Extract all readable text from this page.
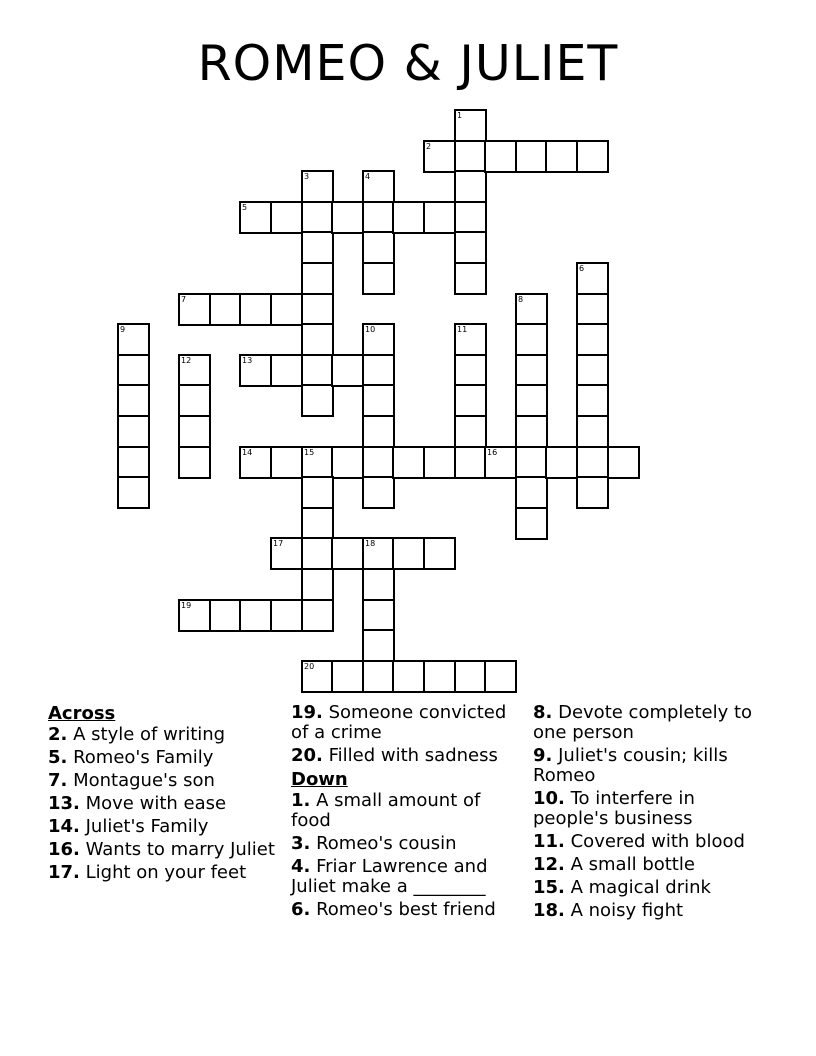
ROMEO & JULIET
1
2
3	4
5
6
7	8
9	10	11
12	13
14	15	16
17	18
19
20
Across
2. A style of writing
5. Romeo's Family
7. Montague's son
13. Move with ease
14. Juliet's Family
16. Wants to marry Juliet
17. Light on your feet
19. Someone convicted of a crime
20. Filled with sadness
Down
1. A small amount of food
3. Romeo's cousin
4. Friar Lawrence and Juliet make a ________
6. Romeo's best friend
8. Devote completely to one person
9. Juliet's cousin; kills Romeo
10. To interfere in people's business
11. Covered with blood
12. A small bottle
15. A magical drink
18. A noisy fight
